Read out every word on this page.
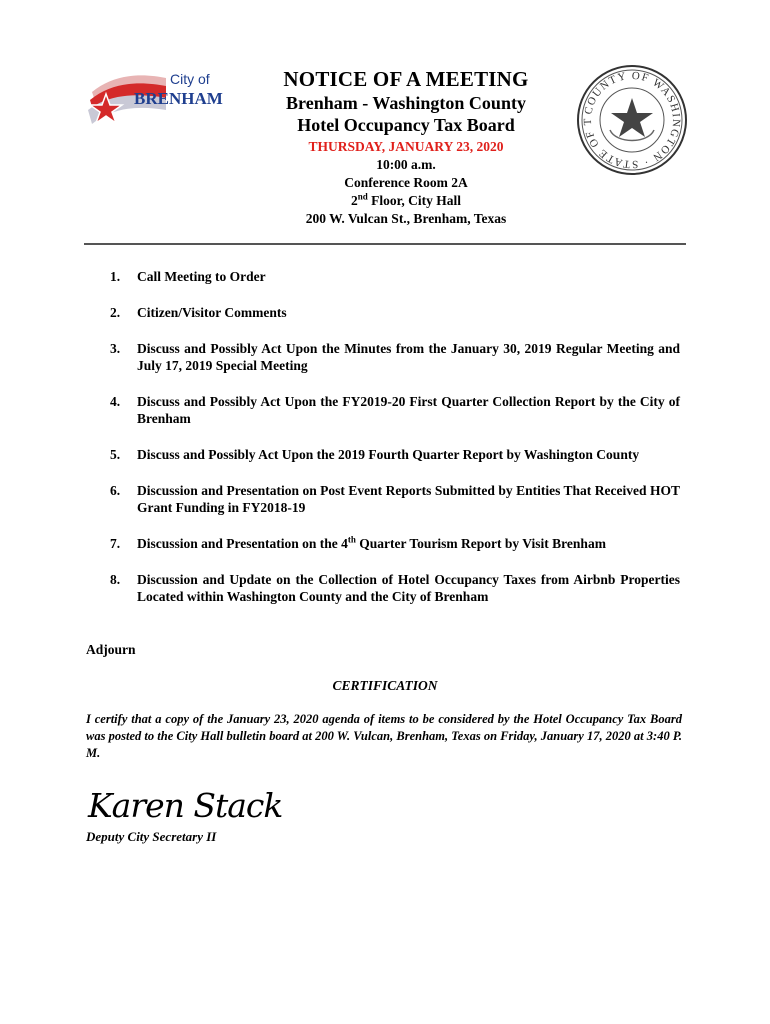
City of
BRENHAM
COUNTY OF WASHINGTON · STATE OF T
NOTICE OF A MEETING
Brenham - Washington County
Hotel Occupancy Tax Board
THURSDAY, JANUARY 23, 2020
10:00 a.m.
Conference Room 2A
2nd Floor, City Hall
200 W. Vulcan St., Brenham, Texas
1. Call Meeting to Order
2. Citizen/Visitor Comments
3. Discuss and Possibly Act Upon the Minutes from the January 30, 2019 Regular Meeting and July 17, 2019 Special Meeting
4. Discuss and Possibly Act Upon the FY2019-20 First Quarter Collection Report by the City of Brenham
5. Discuss and Possibly Act Upon the 2019 Fourth Quarter Report by Washington County
6. Discussion and Presentation on Post Event Reports Submitted by Entities That Received HOT Grant Funding in FY2018-19
7. Discussion and Presentation on the 4th Quarter Tourism Report by Visit Brenham
8. Discussion and Update on the Collection of Hotel Occupancy Taxes from Airbnb Properties Located within Washington County and the City of Brenham
Adjourn
CERTIFICATION
I certify that a copy of the January 23, 2020 agenda of items to be considered by the Hotel Occupancy Tax Board was posted to the City Hall bulletin board at 200 W. Vulcan, Brenham, Texas on Friday, January 17, 2020 at 3:40 P. M.
Karen Stack
Deputy City Secretary II
